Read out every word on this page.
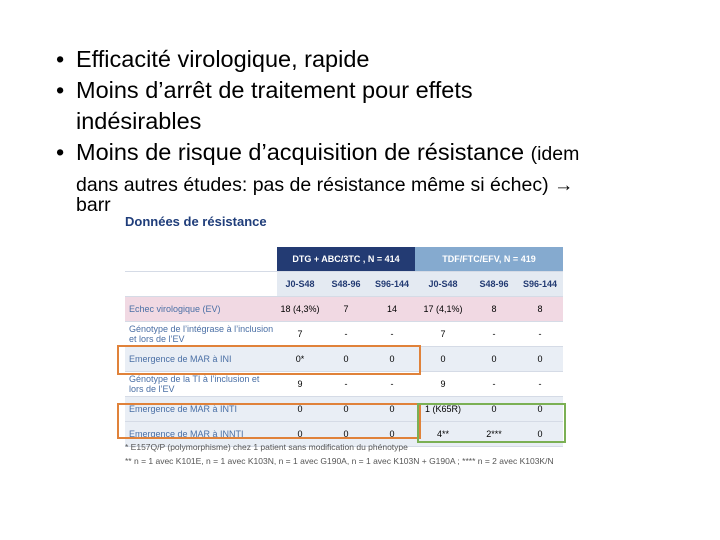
• Efficacité virologique, rapide
• Moins d’arrêt de traitement pour effets
indésirables
• Moins de risque d’acquisition de résistance (idem
dans autres études: pas de résistance même si échec) →
barr
Données de résistance
	DTG + ABC/3TC , N = 414			TDF/FTC/EFV, N = 419		
	J0-S48	S48-96	S96-144	J0-S48	S48-96	S96-144
Echec virologique (EV)	18 (4,3%)	7	14	17 (4,1%)	8	8
Génotype de l’intégrase à l’inclusion et lors de l’EV	7	-	-	7	-	-
Emergence de MAR à INI	0*	0	0	0	0	0
Génotype de la TI à l’inclusion et lors de l’EV	9	-	-	9	-	-
Emergence de MAR à INTI	0	0	0	1 (K65R)	0	0
Emergence de MAR à INNTI	0	0	0	4**	2***	0
* E157Q/P (polymorphisme) chez 1 patient sans modification du phénotype
** n = 1 avec K101E, n = 1 avec K103N, n = 1 avec G190A, n = 1 avec K103N + G190A ; **** n = 2 avec K103K/N
